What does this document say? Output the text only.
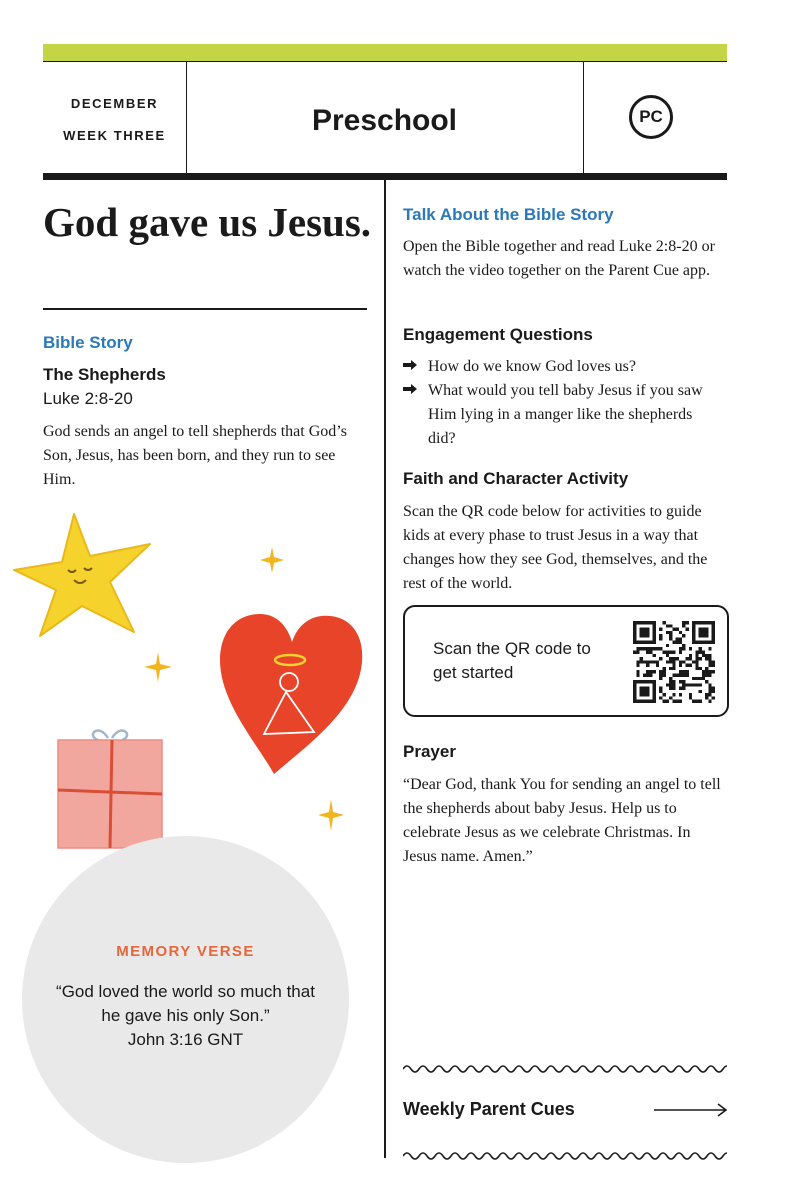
DECEMBER
WEEK THREE	Preschool	PC
God gave us Jesus.
Bible Story
The Shepherds
Luke 2:8-20
God sends an angel to tell shepherds that God’s Son, Jesus, has been born, and they run to see Him.
MEMORY VERSE
“God loved the world so much that he gave his only Son.”
John 3:16 GNT
Talk About the Bible Story
Open the Bible together and read Luke 2:8-20 or watch the video together on the Parent Cue app.
Engagement Questions
How do we know God loves us?
What would you tell baby Jesus if you saw Him lying in a manger like the shepherds did?
Faith and Character Activity
Scan the QR code below for activities to guide kids at every phase to trust Jesus in a way that changes how they see God, themselves, and the rest of the world.
Scan the QR code to get started
Prayer
“Dear God, thank You for sending an angel to tell the shepherds about baby Jesus. Help us to celebrate Jesus as we celebrate Christmas. In Jesus name. Amen.”
Weekly Parent Cues
